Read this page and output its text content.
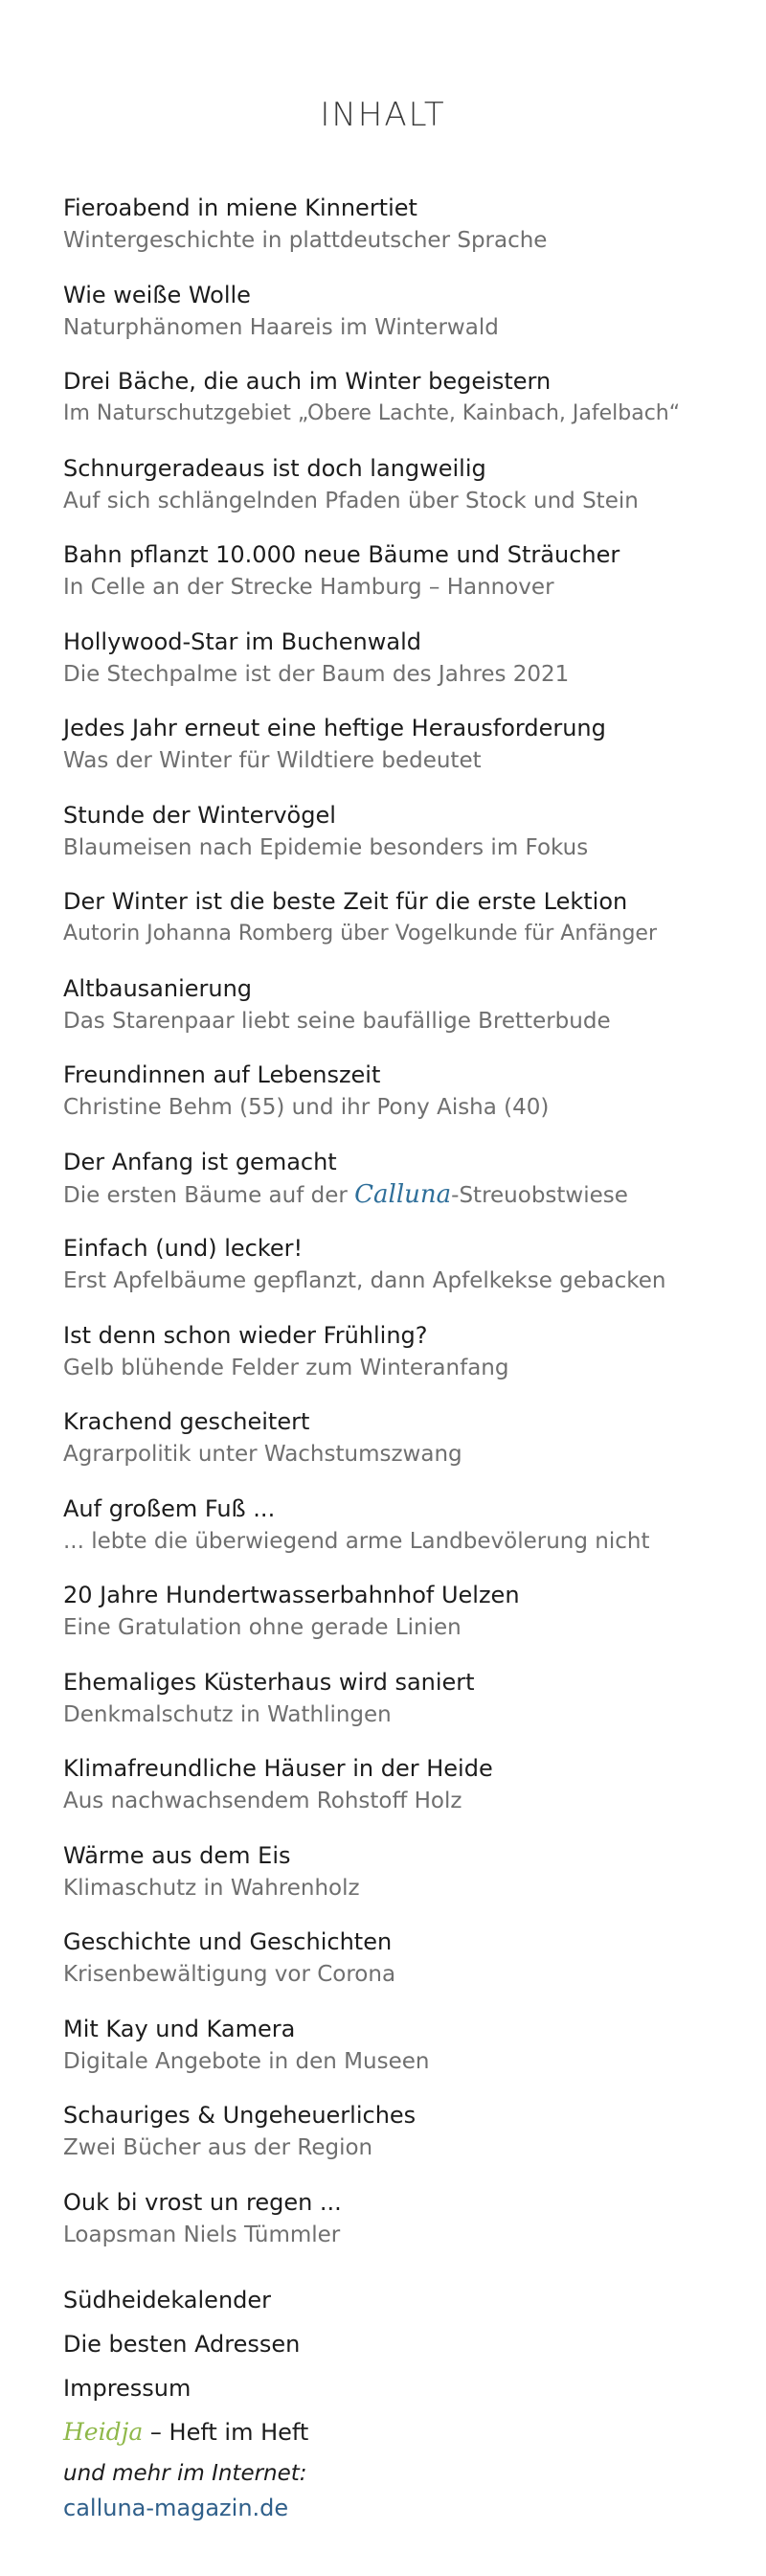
INHALT
Fieroabend in miene Kinnertiet
Wintergeschichte in plattdeutscher Sprache
Wie weiße Wolle
Naturphänomen Haareis im Winterwald
Drei Bäche, die auch im Winter begeistern
Im Naturschutzgebiet „Obere Lachte, Kainbach, Jafelbach“
Schnurgeradeaus ist doch langweilig
Auf sich schlängelnden Pfaden über Stock und Stein
Bahn pflanzt 10.000 neue Bäume und Sträucher
In Celle an der Strecke Hamburg – Hannover
Hollywood-Star im Buchenwald
Die Stechpalme ist der Baum des Jahres 2021
Jedes Jahr erneut eine heftige Herausforderung
Was der Winter für Wildtiere bedeutet
Stunde der Wintervögel
Blaumeisen nach Epidemie besonders im Fokus
Der Winter ist die beste Zeit für die erste Lektion
Autorin Johanna Romberg über Vogelkunde für Anfänger
Altbausanierung
Das Starenpaar liebt seine baufällige Bretterbude
Freundinnen auf Lebenszeit
Christine Behm (55) und ihr Pony Aisha (40)
Der Anfang ist gemacht
Die ersten Bäume auf der Calluna-Streuobstwiese
Einfach (und) lecker!
Erst Apfelbäume gepflanzt, dann Apfelkekse gebacken
Ist denn schon wieder Frühling?
Gelb blühende Felder zum Winteranfang
Krachend gescheitert
Agrarpolitik unter Wachstumszwang
Auf großem Fuß ...
... lebte die überwiegend arme Landbevölerung nicht
20 Jahre Hundertwasserbahnhof Uelzen
Eine Gratulation ohne gerade Linien
Ehemaliges Küsterhaus wird saniert
Denkmalschutz in Wathlingen
Klimafreundliche Häuser in der Heide
Aus nachwachsendem Rohstoff Holz
Wärme aus dem Eis
Klimaschutz in Wahrenholz
Geschichte und Geschichten
Krisenbewältigung vor Corona
Mit Kay und Kamera
Digitale Angebote in den Museen
Schauriges & Ungeheuerliches
Zwei Bücher aus der Region
Ouk bi vrost un regen ...
Loapsman Niels Tümmler
Südheidekalender
Die besten Adressen
Impressum
Heidja – Heft im Heft
und mehr im Internet:
calluna-magazin.de
